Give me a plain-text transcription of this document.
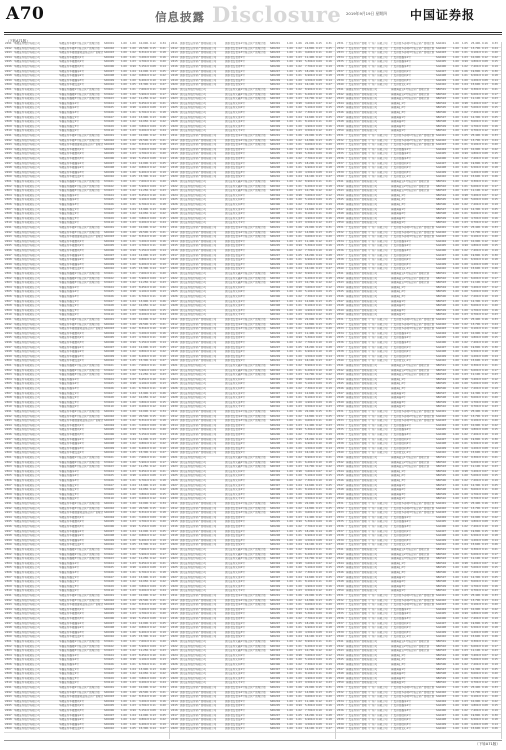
A70	信息披露 Disclosure 2019年9月19日 星期四 中国证券报
（下转A71版）
2291 华融证券股份有限公司	华融证券华融2号集合资产管理计划	SX0001	1.00	1.00	10,000 0.12	0.34
2292 华融证券股份有限公司	华融证券华融3号集合资产管理计划	SX0002	1.00	1.00	20,500 0.15	0.21
2293 华融证券股份有限公司	华融证券华融稳健收益集合资产管理计划
SX0003	1.00	1.02	8,310.0 0.10	0.18
2294 华融证券股份有限公司	华融证券华融聚利1号	SX0004	1.00	1.01	3,200.0 0.09	0.16
2295 华融证券股份有限公司	华融证券华融聚利2号	SX0005	1.00	1.03	4,700.0 0.11	0.20
2296 华融证券股份有限公司	华融证券华融聚利3号	SX0006	1.00	0.99	5,150.0 0.08	0.14
2297 华融证券股份有限公司	华融证券华融鑫享1号	SX0007	1.00	1.04	12,000 0.13	0.25
2298 华融证券股份有限公司	华融证券华融鑫享2号	SX0008	1.00	1.02	9,800.0 0.12	0.22
2299 华融证券股份有限公司	华融证券华融鑫享3号	SX0009	1.00	1.00	6,400.0 0.10	0.19
2300 华融证券股份有限公司	华融证券华融安盈1号	SX0010	1.00	1.05	15,300 0.14	0.27
2301 华鑫证券有限责任公司	华鑫证券鑫融1号集合资产管理计划	SY0101	1.00	1.01	7,600.0 0.11	0.20
2302 华鑫证券有限责任公司	华鑫证券鑫融2号集合资产管理计划	SY0102	1.00	1.00	5,900.0 0.09	0.17
2303 华鑫证券有限责任公司	华鑫证券鑫融3号集合资产管理计划	SY0103	1.00	1.02	11,250 0.12	0.23
2304 华鑫证券有限责任公司	华鑫证券鑫享1号	SY0104	1.00	1.03	8,450.0 0.10	0.21
2305 华鑫证券有限责任公司	华鑫证券鑫享2号	SY0105	1.00	0.98	4,100.0 0.08	0.13
2306 华鑫证券有限责任公司	华鑫证券鑫享3号	SY0106	1.00	1.01	6,700.0 0.11	0.18
2307 华鑫证券有限责任公司	华鑫证券鑫安1号	SY0107	1.00	1.04	13,900 0.13	0.26
2308 华鑫证券有限责任公司	华鑫证券鑫安2号	SY0108	1.00	1.02	10,050 0.12	0.22
2309 华鑫证券有限责任公司	华鑫证券鑫安3号	SY0109	1.00	1.00	3,800.0 0.09	0.15
2310 华鑫证券有限责任公司	华鑫证券鑫盈1号	SY0110	1.00	1.03	9,200.0 0.12	0.24
2291 华融证券股份有限公司	华融证券华融2号集合资产管理计划	SX0001	1.00	1.00	10,000 0.12	0.34
2292 华融证券股份有限公司	华融证券华融3号集合资产管理计划	SX0002	1.00	1.00	20,500 0.15	0.21
2293 华融证券股份有限公司	华融证券华融稳健收益集合资产管理计划
SX0003	1.00	1.02	8,310.0 0.10	0.18
2294 华融证券股份有限公司	华融证券华融聚利1号	SX0004	1.00	1.01	3,200.0 0.09	0.16
2295 华融证券股份有限公司	华融证券华融聚利2号	SX0005	1.00	1.03	4,700.0 0.11	0.20
2296 华融证券股份有限公司	华融证券华融聚利3号	SX0006	1.00	0.99	5,150.0 0.08	0.14
2297 华融证券股份有限公司	华融证券华融鑫享1号	SX0007	1.00	1.04	12,000 0.13	0.25
2298 华融证券股份有限公司	华融证券华融鑫享2号	SX0008	1.00	1.02	9,800.0 0.12	0.22
2299 华融证券股份有限公司	华融证券华融鑫享3号	SX0009	1.00	1.00	6,400.0 0.10	0.19
2300 华融证券股份有限公司	华融证券华融安盈1号	SX0010	1.00	1.05	15,300 0.14	0.27
2301 华鑫证券有限责任公司	华鑫证券鑫融1号集合资产管理计划	SY0101	1.00	1.01	7,600.0 0.11	0.20
2302 华鑫证券有限责任公司	华鑫证券鑫融2号集合资产管理计划	SY0102	1.00	1.00	5,900.0 0.09	0.17
2303 华鑫证券有限责任公司	华鑫证券鑫融3号集合资产管理计划	SY0103	1.00	1.02	11,250 0.12	0.23
2304 华鑫证券有限责任公司	华鑫证券鑫享1号	SY0104	1.00	1.03	8,450.0 0.10	0.21
2305 华鑫证券有限责任公司	华鑫证券鑫享2号	SY0105	1.00	0.98	4,100.0 0.08	0.13
2306 华鑫证券有限责任公司	华鑫证券鑫享3号	SY0106	1.00	1.01	6,700.0 0.11	0.18
2307 华鑫证券有限责任公司	华鑫证券鑫安1号	SY0107	1.00	1.04	13,900 0.13	0.26
2308 华鑫证券有限责任公司	华鑫证券鑫安2号	SY0108	1.00	1.02	10,050 0.12	0.22
2309 华鑫证券有限责任公司	华鑫证券鑫安3号	SY0109	1.00	1.00	3,800.0 0.09	0.15
2310 华鑫证券有限责任公司	华鑫证券鑫盈1号	SY0110	1.00	1.03	9,200.0 0.12	0.24
2291 华融证券股份有限公司	华融证券华融2号集合资产管理计划	SX0001	1.00	1.00	10,000 0.12	0.34
2292 华融证券股份有限公司	华融证券华融3号集合资产管理计划	SX0002	1.00	1.00	20,500 0.15	0.21
2293 华融证券股份有限公司	华融证券华融稳健收益集合资产管理计划
SX0003	1.00	1.02	8,310.0 0.10	0.18
2294 华融证券股份有限公司	华融证券华融聚利1号	SX0004	1.00	1.01	3,200.0 0.09	0.16
2295 华融证券股份有限公司	华融证券华融聚利2号	SX0005	1.00	1.03	4,700.0 0.11	0.20
2296 华融证券股份有限公司	华融证券华融聚利3号	SX0006	1.00	0.99	5,150.0 0.08	0.14
2297 华融证券股份有限公司	华融证券华融鑫享1号	SX0007	1.00	1.04	12,000 0.13	0.25
2298 华融证券股份有限公司	华融证券华融鑫享2号	SX0008	1.00	1.02	9,800.0 0.12	0.22
2299 华融证券股份有限公司	华融证券华融鑫享3号	SX0009	1.00	1.00	6,400.0 0.10	0.19
2300 华融证券股份有限公司	华融证券华融安盈1号	SX0010	1.00	1.05	15,300 0.14	0.27
2301 华鑫证券有限责任公司	华鑫证券鑫融1号集合资产管理计划	SY0101	1.00	1.01	7,600.0 0.11	0.20
2302 华鑫证券有限责任公司	华鑫证券鑫融2号集合资产管理计划	SY0102	1.00	1.00	5,900.0 0.09	0.17
2303 华鑫证券有限责任公司	华鑫证券鑫融3号集合资产管理计划	SY0103	1.00	1.02	11,250 0.12	0.23
2304 华鑫证券有限责任公司	华鑫证券鑫享1号	SY0104	1.00	1.03	8,450.0 0.10	0.21
2305 华鑫证券有限责任公司	华鑫证券鑫享2号	SY0105	1.00	0.98	4,100.0 0.08	0.13
2306 华鑫证券有限责任公司	华鑫证券鑫享3号	SY0106	1.00	1.01	6,700.0 0.11	0.18
2307 华鑫证券有限责任公司	华鑫证券鑫安1号	SY0107	1.00	1.04	13,900 0.13	0.26
2308 华鑫证券有限责任公司	华鑫证券鑫安2号	SY0108	1.00	1.02	10,050 0.12	0.22
2309 华鑫证券有限责任公司	华鑫证券鑫安3号	SY0109	1.00	1.00	3,800.0 0.09	0.15
2310 华鑫证券有限责任公司	华鑫证券鑫盈1号	SY0110	1.00	1.03	9,200.0 0.12	0.24
2291 华融证券股份有限公司	华融证券华融2号集合资产管理计划	SX0001	1.00	1.00	10,000 0.12	0.34
2292 华融证券股份有限公司	华融证券华融3号集合资产管理计划	SX0002	1.00	1.00	20,500 0.15	0.21
2293 华融证券股份有限公司	华融证券华融稳健收益集合资产管理计划
SX0003	1.00	1.02	8,310.0 0.10	0.18
2294 华融证券股份有限公司	华融证券华融聚利1号	SX0004	1.00	1.01	3,200.0 0.09	0.16
2295 华融证券股份有限公司	华融证券华融聚利2号	SX0005	1.00	1.03	4,700.0 0.11	0.20
2296 华融证券股份有限公司	华融证券华融聚利3号	SX0006	1.00	0.99	5,150.0 0.08	0.14
2297 华融证券股份有限公司	华融证券华融鑫享1号	SX0007	1.00	1.04	12,000 0.13	0.25
2298 华融证券股份有限公司	华融证券华融鑫享2号	SX0008	1.00	1.02	9,800.0 0.12	0.22
2299 华融证券股份有限公司	华融证券华融鑫享3号	SX0009	1.00	1.00	6,400.0 0.10	0.19
2300 华融证券股份有限公司	华融证券华融安盈1号	SX0010	1.00	1.05	15,300 0.14	0.27
2301 华鑫证券有限责任公司	华鑫证券鑫融1号集合资产管理计划	SY0101	1.00	1.01	7,600.0 0.11	0.20
2302 华鑫证券有限责任公司	华鑫证券鑫融2号集合资产管理计划	SY0102	1.00	1.00	5,900.0 0.09	0.17
2303 华鑫证券有限责任公司	华鑫证券鑫融3号集合资产管理计划	SY0103	1.00	1.02	11,250 0.12	0.23
2304 华鑫证券有限责任公司	华鑫证券鑫享1号	SY0104	1.00	1.03	8,450.0 0.10	0.21
2305 华鑫证券有限责任公司	华鑫证券鑫享2号	SY0105	1.00	0.98	4,100.0 0.08	0.13
2306 华鑫证券有限责任公司	华鑫证券鑫享3号	SY0106	1.00	1.01	6,700.0 0.11	0.18
2307 华鑫证券有限责任公司	华鑫证券鑫安1号	SY0107	1.00	1.04	13,900 0.13	0.26
2308 华鑫证券有限责任公司	华鑫证券鑫安2号	SY0108	1.00	1.02	10,050 0.12	0.22
2309 华鑫证券有限责任公司	华鑫证券鑫安3号	SY0109	1.00	1.00	3,800.0 0.09	0.15
2310 华鑫证券有限责任公司	华鑫证券鑫盈1号	SY0110	1.00	1.03	9,200.0 0.12	0.24
2291 华融证券股份有限公司	华融证券华融2号集合资产管理计划	SX0001	1.00	1.00	10,000 0.12	0.34
2292 华融证券股份有限公司	华融证券华融3号集合资产管理计划	SX0002	1.00	1.00	20,500 0.15	0.21
2293 华融证券股份有限公司	华融证券华融稳健收益集合资产管理计划
SX0003	1.00	1.02	8,310.0 0.10	0.18
2294 华融证券股份有限公司	华融证券华融聚利1号	SX0004	1.00	1.01	3,200.0 0.09	0.16
2295 华融证券股份有限公司	华融证券华融聚利2号	SX0005	1.00	1.03	4,700.0 0.11	0.20
2296 华融证券股份有限公司	华融证券华融聚利3号	SX0006	1.00	0.99	5,150.0 0.08	0.14
2297 华融证券股份有限公司	华融证券华融鑫享1号	SX0007	1.00	1.04	12,000 0.13	0.25
2298 华融证券股份有限公司	华融证券华融鑫享2号	SX0008	1.00	1.02	9,800.0 0.12	0.22
2299 华融证券股份有限公司	华融证券华融鑫享3号	SX0009	1.00	1.00	6,400.0 0.10	0.19
2300 华融证券股份有限公司	华融证券华融安盈1号	SX0010	1.00	1.05	15,300 0.14	0.27
2301 华鑫证券有限责任公司	华鑫证券鑫融1号集合资产管理计划	SY0101	1.00	1.01	7,600.0 0.11	0.20
2302 华鑫证券有限责任公司	华鑫证券鑫融2号集合资产管理计划	SY0102	1.00	1.00	5,900.0 0.09	0.17
2303 华鑫证券有限责任公司	华鑫证券鑫融3号集合资产管理计划	SY0103	1.00	1.02	11,250 0.12	0.23
2304 华鑫证券有限责任公司	华鑫证券鑫享1号	SY0104	1.00	1.03	8,450.0 0.10	0.21
2305 华鑫证券有限责任公司	华鑫证券鑫享2号	SY0105	1.00	0.98	4,100.0 0.08	0.13
2306 华鑫证券有限责任公司	华鑫证券鑫享3号	SY0106	1.00	1.01	6,700.0 0.11	0.18
2307 华鑫证券有限责任公司	华鑫证券鑫安1号	SY0107	1.00	1.04	13,900 0.13	0.26
2308 华鑫证券有限责任公司	华鑫证券鑫安2号	SY0108	1.00	1.02	10,050 0.12	0.22
2309 华鑫证券有限责任公司	华鑫证券鑫安3号	SY0109	1.00	1.00	3,800.0 0.09	0.15
2310 华鑫证券有限责任公司	华鑫证券鑫盈1号	SY0110	1.00	1.03	9,200.0 0.12	0.24
2291 华融证券股份有限公司	华融证券华融2号集合资产管理计划	SX0001	1.00	1.00	10,000 0.12	0.34
2292 华融证券股份有限公司	华融证券华融3号集合资产管理计划	SX0002	1.00	1.00	20,500 0.15	0.21
2293 华融证券股份有限公司	华融证券华融稳健收益集合资产管理计划
SX0003	1.00	1.02	8,310.0 0.10	0.18
2294 华融证券股份有限公司	华融证券华融聚利1号	SX0004	1.00	1.01	3,200.0 0.09	0.16
2295 华融证券股份有限公司	华融证券华融聚利2号	SX0005	1.00	1.03	4,700.0 0.11	0.20
2296 华融证券股份有限公司	华融证券华融聚利3号	SX0006	1.00	0.99	5,150.0 0.08	0.14
2297 华融证券股份有限公司	华融证券华融鑫享1号	SX0007	1.00	1.04	12,000 0.13	0.25
2298 华融证券股份有限公司	华融证券华融鑫享2号	SX0008	1.00	1.02	9,800.0 0.12	0.22
2299 华融证券股份有限公司	华融证券华融鑫享3号	SX0009	1.00	1.00	6,400.0 0.10	0.19
2300 华融证券股份有限公司	华融证券华融安盈1号	SX0010	1.00	1.05	15,300 0.14	0.27
2301 华鑫证券有限责任公司	华鑫证券鑫融1号集合资产管理计划	SY0101	1.00	1.01	7,600.0 0.11	0.20
2302 华鑫证券有限责任公司	华鑫证券鑫融2号集合资产管理计划	SY0102	1.00	1.00	5,900.0 0.09	0.17
2303 华鑫证券有限责任公司	华鑫证券鑫融3号集合资产管理计划	SY0103	1.00	1.02	11,250 0.12	0.23
2304 华鑫证券有限责任公司	华鑫证券鑫享1号	SY0104	1.00	1.03	8,450.0 0.10	0.21
2305 华鑫证券有限责任公司	华鑫证券鑫享2号	SY0105	1.00	0.98	4,100.0 0.08	0.13
2306 华鑫证券有限责任公司	华鑫证券鑫享3号	SY0106	1.00	1.01	6,700.0 0.11	0.18
2307 华鑫证券有限责任公司	华鑫证券鑫安1号	SY0107	1.00	1.04	13,900 0.13	0.26
2308 华鑫证券有限责任公司	华鑫证券鑫安2号	SY0108	1.00	1.02	10,050 0.12	0.22
2309 华鑫证券有限责任公司	华鑫证券鑫安3号	SY0109	1.00	1.00	3,800.0 0.09	0.15
2310 华鑫证券有限责任公司	华鑫证券鑫盈1号	SY0110	1.00	1.03	9,200.0 0.12	0.24
2291 华融证券股份有限公司	华融证券华融2号集合资产管理计划	SX0001	1.00	1.00	10,000 0.12	0.34
2292 华融证券股份有限公司	华融证券华融3号集合资产管理计划	SX0002	1.00	1.00	20,500 0.15	0.21
2293 华融证券股份有限公司	华融证券华融稳健收益集合资产管理计划
SX0003	1.00	1.02	8,310.0 0.10	0.18
2294 华融证券股份有限公司	华融证券华融聚利1号	SX0004	1.00	1.01	3,200.0 0.09	0.16
2295 华融证券股份有限公司	华融证券华融聚利2号	SX0005	1.00	1.03	4,700.0 0.11	0.20
2296 华融证券股份有限公司	华融证券华融聚利3号	SX0006	1.00	0.99	5,150.0 0.08	0.14
2297 华融证券股份有限公司	华融证券华融鑫享1号	SX0007	1.00	1.04	12,000 0.13	0.25
2298 华融证券股份有限公司	华融证券华融鑫享2号	SX0008	1.00	1.02	9,800.0 0.12	0.22
2299 华融证券股份有限公司	华融证券华融鑫享3号	SX0009	1.00	1.00	6,400.0 0.10	0.19
2300 华融证券股份有限公司	华融证券华融安盈1号	SX0010	1.00	1.05	15,300 0.14	0.27
2301 华鑫证券有限责任公司	华鑫证券鑫融1号集合资产管理计划	SY0101	1.00	1.01	7,600.0 0.11	0.20
2302 华鑫证券有限责任公司	华鑫证券鑫融2号集合资产管理计划	SY0102	1.00	1.00	5,900.0 0.09	0.17
2303 华鑫证券有限责任公司	华鑫证券鑫融3号集合资产管理计划	SY0103	1.00	1.02	11,250 0.12	0.23
2304 华鑫证券有限责任公司	华鑫证券鑫享1号	SY0104	1.00	1.03	8,450.0 0.10	0.21
2305 华鑫证券有限责任公司	华鑫证券鑫享2号	SY0105	1.00	0.98	4,100.0 0.08	0.13
2306 华鑫证券有限责任公司	华鑫证券鑫享3号	SY0106	1.00	1.01	6,700.0 0.11	0.18
2307 华鑫证券有限责任公司	华鑫证券鑫安1号	SY0107	1.00	1.04	13,900 0.13	0.26
2308 华鑫证券有限责任公司	华鑫证券鑫安2号	SY0108	1.00	1.02	10,050 0.12	0.22
2309 华鑫证券有限责任公司	华鑫证券鑫安3号	SY0109	1.00	1.00	3,800.0 0.09	0.15
2310 华鑫证券有限责任公司	华鑫证券鑫盈1号	SY0110	1.00	1.03	9,200.0 0.12	0.24
2291 华融证券股份有限公司	华融证券华融2号集合资产管理计划	SX0001	1.00	1.00	10,000 0.12	0.34
2292 华融证券股份有限公司	华融证券华融3号集合资产管理计划	SX0002	1.00	1.00	20,500 0.15	0.21
2293 华融证券股份有限公司	华融证券华融稳健收益集合资产管理计划
SX0003	1.00	1.02	8,310.0 0.10	0.18
2294 华融证券股份有限公司	华融证券华融聚利1号	SX0004	1.00	1.01	3,200.0 0.09	0.16
2295 华融证券股份有限公司	华融证券华融聚利2号	SX0005	1.00	1.03	4,700.0 0.11	0.20
2296 华融证券股份有限公司	华融证券华融聚利3号	SX0006	1.00	0.99	5,150.0 0.08	0.14
2297 华融证券股份有限公司	华融证券华融鑫享1号	SX0007	1.00	1.04	12,000 0.13	0.25
2298 华融证券股份有限公司	华融证券华融鑫享2号	SX0008	1.00	1.02	9,800.0 0.12	0.22
2299 华融证券股份有限公司	华融证券华融鑫享3号	SX0009	1.00	1.00	6,400.0 0.10	0.19
2300 华融证券股份有限公司	华融证券华融安盈1号	SX0010	1.00	1.05	15,300 0.14	0.27
2411 国泰君安证券资产管理有限公司	国泰君安君享1号集合资产管理计划	SZ0201	1.00	1.06	22,000 0.15	0.31
2412 国泰君安证券资产管理有限公司	国泰君安君享2号集合资产管理计划	SZ0202	1.00	1.02	14,800 0.13	0.25
2413 国泰君安证券资产管理有限公司	国泰君安君享3号集合资产管理计划	SZ0203	1.00	1.01	9,600.0 0.11	0.20
2414 国泰君安证券资产管理有限公司	国泰君安君得1号	SZ0204	1.00	1.03	11,400 0.12	0.23
2415 国泰君安证券资产管理有限公司	国泰君安君得2号	SZ0205	1.00	0.99	5,300.0 0.09	0.16
2416 国泰君安证券资产管理有限公司	国泰君安君得3号	SZ0206	1.00	1.02	7,700.0 0.10	0.19
2417 国泰君安证券资产管理有限公司	国泰君安君益1号	SZ0207	1.00	1.05	18,200 0.14	0.28
2418 国泰君安证券资产管理有限公司	国泰君安君益2号	SZ0208	1.00	1.01	6,900.0 0.10	0.18
2419 国泰君安证券资产管理有限公司	国泰君安君益3号	SZ0209	1.00	1.00	4,500.0 0.08	0.14
2420 国泰君安证券资产管理有限公司	国泰君安君悦1号	SZ0210	1.00	1.04	16,100 0.13	0.27
2421 国元证券股份有限公司	国元证券元赢1号集合资产管理计划	SZ0301	1.00	1.02	8,900.0 0.11	0.21
2422 国元证券股份有限公司	国元证券元赢2号集合资产管理计划	SZ0302	1.00	1.01	6,200.0 0.10	0.18
2423 国元证券股份有限公司	国元证券元赢3号集合资产管理计划	SZ0303	1.00	1.03	10,700 0.12	0.22
2424 国元证券股份有限公司	国元证券元和1号	SZ0304	1.00	0.98	3,600.0 0.07	0.12
2425 国元证券股份有限公司	国元证券元和2号	SZ0305	1.00	1.00	5,100.0 0.09	0.15
2426 国元证券股份有限公司	国元证券元和3号	SZ0306	1.00	1.02	7,300.0 0.10	0.19
2427 国元证券股份有限公司	国元证券元泰1号	SZ0307	1.00	1.04	12,600 0.13	0.25
2428 国元证券股份有限公司	国元证券元泰2号	SZ0308	1.00	1.01	8,100.0 0.11	0.20
2429 国元证券股份有限公司	国元证券元泰3号	SZ0309	1.00	1.00	4,900.0 0.09	0.16
2430 国元证券股份有限公司	国元证券元丰1号	SZ0310	1.00	1.03	9,500.0 0.12	0.23
2411 国泰君安证券资产管理有限公司	国泰君安君享1号集合资产管理计划	SZ0201	1.00	1.06	22,000 0.15	0.31
2412 国泰君安证券资产管理有限公司	国泰君安君享2号集合资产管理计划	SZ0202	1.00	1.02	14,800 0.13	0.25
2413 国泰君安证券资产管理有限公司	国泰君安君享3号集合资产管理计划	SZ0203	1.00	1.01	9,600.0 0.11	0.20
2414 国泰君安证券资产管理有限公司	国泰君安君得1号	SZ0204	1.00	1.03	11,400 0.12	0.23
2415 国泰君安证券资产管理有限公司	国泰君安君得2号	SZ0205	1.00	0.99	5,300.0 0.09	0.16
2416 国泰君安证券资产管理有限公司	国泰君安君得3号	SZ0206	1.00	1.02	7,700.0 0.10	0.19
2417 国泰君安证券资产管理有限公司	国泰君安君益1号	SZ0207	1.00	1.05	18,200 0.14	0.28
2418 国泰君安证券资产管理有限公司	国泰君安君益2号	SZ0208	1.00	1.01	6,900.0 0.10	0.18
2419 国泰君安证券资产管理有限公司	国泰君安君益3号	SZ0209	1.00	1.00	4,500.0 0.08	0.14
2420 国泰君安证券资产管理有限公司	国泰君安君悦1号	SZ0210	1.00	1.04	16,100 0.13	0.27
2421 国元证券股份有限公司	国元证券元赢1号集合资产管理计划	SZ0301	1.00	1.02	8,900.0 0.11	0.21
2422 国元证券股份有限公司	国元证券元赢2号集合资产管理计划	SZ0302	1.00	1.01	6,200.0 0.10	0.18
2423 国元证券股份有限公司	国元证券元赢3号集合资产管理计划	SZ0303	1.00	1.03	10,700 0.12	0.22
2424 国元证券股份有限公司	国元证券元和1号	SZ0304	1.00	0.98	3,600.0 0.07	0.12
2425 国元证券股份有限公司	国元证券元和2号	SZ0305	1.00	1.00	5,100.0 0.09	0.15
2426 国元证券股份有限公司	国元证券元和3号	SZ0306	1.00	1.02	7,300.0 0.10	0.19
2427 国元证券股份有限公司	国元证券元泰1号	SZ0307	1.00	1.04	12,600 0.13	0.25
2428 国元证券股份有限公司	国元证券元泰2号	SZ0308	1.00	1.01	8,100.0 0.11	0.20
2429 国元证券股份有限公司	国元证券元泰3号	SZ0309	1.00	1.00	4,900.0 0.09	0.16
2430 国元证券股份有限公司	国元证券元丰1号	SZ0310	1.00	1.03	9,500.0 0.12	0.23
2411 国泰君安证券资产管理有限公司	国泰君安君享1号集合资产管理计划	SZ0201	1.00	1.06	22,000 0.15	0.31
2412 国泰君安证券资产管理有限公司	国泰君安君享2号集合资产管理计划	SZ0202	1.00	1.02	14,800 0.13	0.25
2413 国泰君安证券资产管理有限公司	国泰君安君享3号集合资产管理计划	SZ0203	1.00	1.01	9,600.0 0.11	0.20
2414 国泰君安证券资产管理有限公司	国泰君安君得1号	SZ0204	1.00	1.03	11,400 0.12	0.23
2415 国泰君安证券资产管理有限公司	国泰君安君得2号	SZ0205	1.00	0.99	5,300.0 0.09	0.16
2416 国泰君安证券资产管理有限公司	国泰君安君得3号	SZ0206	1.00	1.02	7,700.0 0.10	0.19
2417 国泰君安证券资产管理有限公司	国泰君安君益1号	SZ0207	1.00	1.05	18,200 0.14	0.28
2418 国泰君安证券资产管理有限公司	国泰君安君益2号	SZ0208	1.00	1.01	6,900.0 0.10	0.18
2419 国泰君安证券资产管理有限公司	国泰君安君益3号	SZ0209	1.00	1.00	4,500.0 0.08	0.14
2420 国泰君安证券资产管理有限公司	国泰君安君悦1号	SZ0210	1.00	1.04	16,100 0.13	0.27
2421 国元证券股份有限公司	国元证券元赢1号集合资产管理计划	SZ0301	1.00	1.02	8,900.0 0.11	0.21
2422 国元证券股份有限公司	国元证券元赢2号集合资产管理计划	SZ0302	1.00	1.01	6,200.0 0.10	0.18
2423 国元证券股份有限公司	国元证券元赢3号集合资产管理计划	SZ0303	1.00	1.03	10,700 0.12	0.22
2424 国元证券股份有限公司	国元证券元和1号	SZ0304	1.00	0.98	3,600.0 0.07	0.12
2425 国元证券股份有限公司	国元证券元和2号	SZ0305	1.00	1.00	5,100.0 0.09	0.15
2426 国元证券股份有限公司	国元证券元和3号	SZ0306	1.00	1.02	7,300.0 0.10	0.19
2427 国元证券股份有限公司	国元证券元泰1号	SZ0307	1.00	1.04	12,600 0.13	0.25
2428 国元证券股份有限公司	国元证券元泰2号	SZ0308	1.00	1.01	8,100.0 0.11	0.20
2429 国元证券股份有限公司	国元证券元泰3号	SZ0309	1.00	1.00	4,900.0 0.09	0.16
2430 国元证券股份有限公司	国元证券元丰1号	SZ0310	1.00	1.03	9,500.0 0.12	0.23
2411 国泰君安证券资产管理有限公司	国泰君安君享1号集合资产管理计划	SZ0201	1.00	1.06	22,000 0.15	0.31
2412 国泰君安证券资产管理有限公司	国泰君安君享2号集合资产管理计划	SZ0202	1.00	1.02	14,800 0.13	0.25
2413 国泰君安证券资产管理有限公司	国泰君安君享3号集合资产管理计划	SZ0203	1.00	1.01	9,600.0 0.11	0.20
2414 国泰君安证券资产管理有限公司	国泰君安君得1号	SZ0204	1.00	1.03	11,400 0.12	0.23
2415 国泰君安证券资产管理有限公司	国泰君安君得2号	SZ0205	1.00	0.99	5,300.0 0.09	0.16
2416 国泰君安证券资产管理有限公司	国泰君安君得3号	SZ0206	1.00	1.02	7,700.0 0.10	0.19
2417 国泰君安证券资产管理有限公司	国泰君安君益1号	SZ0207	1.00	1.05	18,200 0.14	0.28
2418 国泰君安证券资产管理有限公司	国泰君安君益2号	SZ0208	1.00	1.01	6,900.0 0.10	0.18
2419 国泰君安证券资产管理有限公司	国泰君安君益3号	SZ0209	1.00	1.00	4,500.0 0.08	0.14
2420 国泰君安证券资产管理有限公司	国泰君安君悦1号	SZ0210	1.00	1.04	16,100 0.13	0.27
2421 国元证券股份有限公司	国元证券元赢1号集合资产管理计划	SZ0301	1.00	1.02	8,900.0 0.11	0.21
2422 国元证券股份有限公司	国元证券元赢2号集合资产管理计划	SZ0302	1.00	1.01	6,200.0 0.10	0.18
2423 国元证券股份有限公司	国元证券元赢3号集合资产管理计划	SZ0303	1.00	1.03	10,700 0.12	0.22
2424 国元证券股份有限公司	国元证券元和1号	SZ0304	1.00	0.98	3,600.0 0.07	0.12
2425 国元证券股份有限公司	国元证券元和2号	SZ0305	1.00	1.00	5,100.0 0.09	0.15
2426 国元证券股份有限公司	国元证券元和3号	SZ0306	1.00	1.02	7,300.0 0.10	0.19
2427 国元证券股份有限公司	国元证券元泰1号	SZ0307	1.00	1.04	12,600 0.13	0.25
2428 国元证券股份有限公司	国元证券元泰2号	SZ0308	1.00	1.01	8,100.0 0.11	0.20
2429 国元证券股份有限公司	国元证券元泰3号	SZ0309	1.00	1.00	4,900.0 0.09	0.16
2430 国元证券股份有限公司	国元证券元丰1号	SZ0310	1.00	1.03	9,500.0 0.12	0.23
2411 国泰君安证券资产管理有限公司	国泰君安君享1号集合资产管理计划	SZ0201	1.00	1.06	22,000 0.15	0.31
2412 国泰君安证券资产管理有限公司	国泰君安君享2号集合资产管理计划	SZ0202	1.00	1.02	14,800 0.13	0.25
2413 国泰君安证券资产管理有限公司	国泰君安君享3号集合资产管理计划	SZ0203	1.00	1.01	9,600.0 0.11	0.20
2414 国泰君安证券资产管理有限公司	国泰君安君得1号	SZ0204	1.00	1.03	11,400 0.12	0.23
2415 国泰君安证券资产管理有限公司	国泰君安君得2号	SZ0205	1.00	0.99	5,300.0 0.09	0.16
2416 国泰君安证券资产管理有限公司	国泰君安君得3号	SZ0206	1.00	1.02	7,700.0 0.10	0.19
2417 国泰君安证券资产管理有限公司	国泰君安君益1号	SZ0207	1.00	1.05	18,200 0.14	0.28
2418 国泰君安证券资产管理有限公司	国泰君安君益2号	SZ0208	1.00	1.01	6,900.0 0.10	0.18
2419 国泰君安证券资产管理有限公司	国泰君安君益3号	SZ0209	1.00	1.00	4,500.0 0.08	0.14
2420 国泰君安证券资产管理有限公司	国泰君安君悦1号	SZ0210	1.00	1.04	16,100 0.13	0.27
2421 国元证券股份有限公司	国元证券元赢1号集合资产管理计划	SZ0301	1.00	1.02	8,900.0 0.11	0.21
2422 国元证券股份有限公司	国元证券元赢2号集合资产管理计划	SZ0302	1.00	1.01	6,200.0 0.10	0.18
2423 国元证券股份有限公司	国元证券元赢3号集合资产管理计划	SZ0303	1.00	1.03	10,700 0.12	0.22
2424 国元证券股份有限公司	国元证券元和1号	SZ0304	1.00	0.98	3,600.0 0.07	0.12
2425 国元证券股份有限公司	国元证券元和2号	SZ0305	1.00	1.00	5,100.0 0.09	0.15
2426 国元证券股份有限公司	国元证券元和3号	SZ0306	1.00	1.02	7,300.0 0.10	0.19
2427 国元证券股份有限公司	国元证券元泰1号	SZ0307	1.00	1.04	12,600 0.13	0.25
2428 国元证券股份有限公司	国元证券元泰2号	SZ0308	1.00	1.01	8,100.0 0.11	0.20
2429 国元证券股份有限公司	国元证券元泰3号	SZ0309	1.00	1.00	4,900.0 0.09	0.16
2430 国元证券股份有限公司	国元证券元丰1号	SZ0310	1.00	1.03	9,500.0 0.12	0.23
2411 国泰君安证券资产管理有限公司	国泰君安君享1号集合资产管理计划	SZ0201	1.00	1.06	22,000 0.15	0.31
2412 国泰君安证券资产管理有限公司	国泰君安君享2号集合资产管理计划	SZ0202	1.00	1.02	14,800 0.13	0.25
2413 国泰君安证券资产管理有限公司	国泰君安君享3号集合资产管理计划	SZ0203	1.00	1.01	9,600.0 0.11	0.20
2414 国泰君安证券资产管理有限公司	国泰君安君得1号	SZ0204	1.00	1.03	11,400 0.12	0.23
2415 国泰君安证券资产管理有限公司	国泰君安君得2号	SZ0205	1.00	0.99	5,300.0 0.09	0.16
2416 国泰君安证券资产管理有限公司	国泰君安君得3号	SZ0206	1.00	1.02	7,700.0 0.10	0.19
2417 国泰君安证券资产管理有限公司	国泰君安君益1号	SZ0207	1.00	1.05	18,200 0.14	0.28
2418 国泰君安证券资产管理有限公司	国泰君安君益2号	SZ0208	1.00	1.01	6,900.0 0.10	0.18
2419 国泰君安证券资产管理有限公司	国泰君安君益3号	SZ0209	1.00	1.00	4,500.0 0.08	0.14
2420 国泰君安证券资产管理有限公司	国泰君安君悦1号	SZ0210	1.00	1.04	16,100 0.13	0.27
2421 国元证券股份有限公司	国元证券元赢1号集合资产管理计划	SZ0301	1.00	1.02	8,900.0 0.11	0.21
2422 国元证券股份有限公司	国元证券元赢2号集合资产管理计划	SZ0302	1.00	1.01	6,200.0 0.10	0.18
2423 国元证券股份有限公司	国元证券元赢3号集合资产管理计划	SZ0303	1.00	1.03	10,700 0.12	0.22
2424 国元证券股份有限公司	国元证券元和1号	SZ0304	1.00	0.98	3,600.0 0.07	0.12
2425 国元证券股份有限公司	国元证券元和2号	SZ0305	1.00	1.00	5,100.0 0.09	0.15
2426 国元证券股份有限公司	国元证券元和3号	SZ0306	1.00	1.02	7,300.0 0.10	0.19
2427 国元证券股份有限公司	国元证券元泰1号	SZ0307	1.00	1.04	12,600 0.13	0.25
2428 国元证券股份有限公司	国元证券元泰2号	SZ0308	1.00	1.01	8,100.0 0.11	0.20
2429 国元证券股份有限公司	国元证券元泰3号	SZ0309	1.00	1.00	4,900.0 0.09	0.16
2430 国元证券股份有限公司	国元证券元丰1号	SZ0310	1.00	1.03	9,500.0 0.12	0.23
2411 国泰君安证券资产管理有限公司	国泰君安君享1号集合资产管理计划	SZ0201	1.00	1.06	22,000 0.15	0.31
2412 国泰君安证券资产管理有限公司	国泰君安君享2号集合资产管理计划	SZ0202	1.00	1.02	14,800 0.13	0.25
2413 国泰君安证券资产管理有限公司	国泰君安君享3号集合资产管理计划	SZ0203	1.00	1.01	9,600.0 0.11	0.20
2414 国泰君安证券资产管理有限公司	国泰君安君得1号	SZ0204	1.00	1.03	11,400 0.12	0.23
2415 国泰君安证券资产管理有限公司	国泰君安君得2号	SZ0205	1.00	0.99	5,300.0 0.09	0.16
2416 国泰君安证券资产管理有限公司	国泰君安君得3号	SZ0206	1.00	1.02	7,700.0 0.10	0.19
2417 国泰君安证券资产管理有限公司	国泰君安君益1号	SZ0207	1.00	1.05	18,200 0.14	0.28
2418 国泰君安证券资产管理有限公司	国泰君安君益2号	SZ0208	1.00	1.01	6,900.0 0.10	0.18
2419 国泰君安证券资产管理有限公司	国泰君安君益3号	SZ0209	1.00	1.00	4,500.0 0.08	0.14
2420 国泰君安证券资产管理有限公司	国泰君安君悦1号	SZ0210	1.00	1.04	16,100 0.13	0.27
2421 国元证券股份有限公司	国元证券元赢1号集合资产管理计划	SZ0301	1.00	1.02	8,900.0 0.11	0.21
2422 国元证券股份有限公司	国元证券元赢2号集合资产管理计划	SZ0302	1.00	1.01	6,200.0 0.10	0.18
2423 国元证券股份有限公司	国元证券元赢3号集合资产管理计划	SZ0303	1.00	1.03	10,700 0.12	0.22
2424 国元证券股份有限公司	国元证券元和1号	SZ0304	1.00	0.98	3,600.0 0.07	0.12
2425 国元证券股份有限公司	国元证券元和2号	SZ0305	1.00	1.00	5,100.0 0.09	0.15
2426 国元证券股份有限公司	国元证券元和3号	SZ0306	1.00	1.02	7,300.0 0.10	0.19
2427 国元证券股份有限公司	国元证券元泰1号	SZ0307	1.00	1.04	12,600 0.13	0.25
2428 国元证券股份有限公司	国元证券元泰2号	SZ0308	1.00	1.01	8,100.0 0.11	0.20
2429 国元证券股份有限公司	国元证券元泰3号	SZ0309	1.00	1.00	4,900.0 0.09	0.16
2430 国元证券股份有限公司	国元证券元丰1号	SZ0310	1.00	1.03	9,500.0 0.12	0.23
2411 国泰君安证券资产管理有限公司	国泰君安君享1号集合资产管理计划	SZ0201	1.00	1.06	22,000 0.15	0.31
2412 国泰君安证券资产管理有限公司	国泰君安君享2号集合资产管理计划	SZ0202	1.00	1.02	14,800 0.13	0.25
2413 国泰君安证券资产管理有限公司	国泰君安君享3号集合资产管理计划	SZ0203	1.00	1.01	9,600.0 0.11	0.20
2414 国泰君安证券资产管理有限公司	国泰君安君得1号	SZ0204	1.00	1.03	11,400 0.12	0.23
2415 国泰君安证券资产管理有限公司	国泰君安君得2号	SZ0205	1.00	0.99	5,300.0 0.09	0.16
2416 国泰君安证券资产管理有限公司	国泰君安君得3号	SZ0206	1.00	1.02	7,700.0 0.10	0.19
2417 国泰君安证券资产管理有限公司	国泰君安君益1号	SZ0207	1.00	1.05	18,200 0.14	0.28
2418 国泰君安证券资产管理有限公司	国泰君安君益2号	SZ0208	1.00	1.01	6,900.0 0.10	0.18
2419 国泰君安证券资产管理有限公司	国泰君安君益3号	SZ0209	1.00	1.00	4,500.0 0.08	0.14
2420 国泰君安证券资产管理有限公司	国泰君安君悦1号	SZ0210	1.00	1.04	16,100 0.13	0.27
2531 广发证券资产管理（广东）有限公司	广发资管多添利1号集合资产管理计划 SA0401	1.00	1.05	25,400 0.16	0.33
2532 广发证券资产管理（广东）有限公司	广发资管多添利2号集合资产管理计划 SA0402	1.00	1.02	13,700 0.13	0.24
2533 广发证券资产管理（广东）有限公司	广发资管多添利3号集合资产管理计划 SA0403	1.00	1.01	9,100.0 0.11	0.20
2534 广发证券资产管理（广东）有限公司	广发资管鑫享1号	SA0404	1.00	1.03	10,900 0.12	0.22
2535 广发证券资产管理（广东）有限公司	广发资管鑫享2号	SA0405	1.00	0.99	4,800.0 0.08	0.15
2536 广发证券资产管理（广东）有限公司	广发资管鑫享3号	SA0406	1.00	1.02	7,400.0 0.10	0.19
2537 广发证券资产管理（广东）有限公司	广发资管稳利1号	SA0407	1.00	1.06	19,800 0.15	0.30
2538 广发证券资产管理（广东）有限公司	广发资管稳利2号	SA0408	1.00	1.01	6,500.0 0.10	0.18
2539 广发证券资产管理（广东）有限公司	广发资管稳利3号	SA0409	1.00	1.00	4,200.0 0.08	0.14
2540 广发证券资产管理（广东）有限公司	广发资管安心1号	SA0410	1.00	1.04	15,600 0.13	0.26
2541 海通证券资产管理有限公司	海通海蓝宝1号集合资产管理计划	SB0501	1.00	1.02	9,300.0 0.11	0.21
2542 海通证券资产管理有限公司	海通海蓝宝2号集合资产管理计划	SB0502	1.00	1.01	6,000.0 0.10	0.17
2543 海通证券资产管理有限公司	海通海蓝宝3号集合资产管理计划	SB0503	1.00	1.03	11,100 0.12	0.23
2544 海通证券资产管理有限公司	海通海汇1号	SB0504	1.00	0.98	3,400.0 0.07	0.12
2545 海通证券资产管理有限公司	海通海汇2号	SB0505	1.00	1.00	5,000.0 0.09	0.15
2546 海通证券资产管理有限公司	海通海汇3号	SB0506	1.00	1.02	7,200.0 0.10	0.19
2547 海通证券资产管理有限公司	海通海富1号	SB0507	1.00	1.04	12,300 0.13	0.25
2548 海通证券资产管理有限公司	海通海富2号	SB0508	1.00	1.01	8,000.0 0.11	0.20
2549 海通证券资产管理有限公司	海通海富3号	SB0509	1.00	1.00	4,700.0 0.09	0.16
2550 海通证券资产管理有限公司	海通海盈1号	SB0510	1.00	1.03	9,700.0 0.12	0.23
2531 广发证券资产管理（广东）有限公司	广发资管多添利1号集合资产管理计划 SA0401	1.00	1.05	25,400 0.16	0.33
2532 广发证券资产管理（广东）有限公司	广发资管多添利2号集合资产管理计划 SA0402	1.00	1.02	13,700 0.13	0.24
2533 广发证券资产管理（广东）有限公司	广发资管多添利3号集合资产管理计划 SA0403	1.00	1.01	9,100.0 0.11	0.20
2534 广发证券资产管理（广东）有限公司	广发资管鑫享1号	SA0404	1.00	1.03	10,900 0.12	0.22
2535 广发证券资产管理（广东）有限公司	广发资管鑫享2号	SA0405	1.00	0.99	4,800.0 0.08	0.15
2536 广发证券资产管理（广东）有限公司	广发资管鑫享3号	SA0406	1.00	1.02	7,400.0 0.10	0.19
2537 广发证券资产管理（广东）有限公司	广发资管稳利1号	SA0407	1.00	1.06	19,800 0.15	0.30
2538 广发证券资产管理（广东）有限公司	广发资管稳利2号	SA0408	1.00	1.01	6,500.0 0.10	0.18
2539 广发证券资产管理（广东）有限公司	广发资管稳利3号	SA0409	1.00	1.00	4,200.0 0.08	0.14
2540 广发证券资产管理（广东）有限公司	广发资管安心1号	SA0410	1.00	1.04	15,600 0.13	0.26
2541 海通证券资产管理有限公司	海通海蓝宝1号集合资产管理计划	SB0501	1.00	1.02	9,300.0 0.11	0.21
2542 海通证券资产管理有限公司	海通海蓝宝2号集合资产管理计划	SB0502	1.00	1.01	6,000.0 0.10	0.17
2543 海通证券资产管理有限公司	海通海蓝宝3号集合资产管理计划	SB0503	1.00	1.03	11,100 0.12	0.23
2544 海通证券资产管理有限公司	海通海汇1号	SB0504	1.00	0.98	3,400.0 0.07	0.12
2545 海通证券资产管理有限公司	海通海汇2号	SB0505	1.00	1.00	5,000.0 0.09	0.15
2546 海通证券资产管理有限公司	海通海汇3号	SB0506	1.00	1.02	7,200.0 0.10	0.19
2547 海通证券资产管理有限公司	海通海富1号	SB0507	1.00	1.04	12,300 0.13	0.25
2548 海通证券资产管理有限公司	海通海富2号	SB0508	1.00	1.01	8,000.0 0.11	0.20
2549 海通证券资产管理有限公司	海通海富3号	SB0509	1.00	1.00	4,700.0 0.09	0.16
2550 海通证券资产管理有限公司	海通海盈1号	SB0510	1.00	1.03	9,700.0 0.12	0.23
2531 广发证券资产管理（广东）有限公司	广发资管多添利1号集合资产管理计划 SA0401	1.00	1.05	25,400 0.16	0.33
2532 广发证券资产管理（广东）有限公司	广发资管多添利2号集合资产管理计划 SA0402	1.00	1.02	13,700 0.13	0.24
2533 广发证券资产管理（广东）有限公司	广发资管多添利3号集合资产管理计划 SA0403	1.00	1.01	9,100.0 0.11	0.20
2534 广发证券资产管理（广东）有限公司	广发资管鑫享1号	SA0404	1.00	1.03	10,900 0.12	0.22
2535 广发证券资产管理（广东）有限公司	广发资管鑫享2号	SA0405	1.00	0.99	4,800.0 0.08	0.15
2536 广发证券资产管理（广东）有限公司	广发资管鑫享3号	SA0406	1.00	1.02	7,400.0 0.10	0.19
2537 广发证券资产管理（广东）有限公司	广发资管稳利1号	SA0407	1.00	1.06	19,800 0.15	0.30
2538 广发证券资产管理（广东）有限公司	广发资管稳利2号	SA0408	1.00	1.01	6,500.0 0.10	0.18
2539 广发证券资产管理（广东）有限公司	广发资管稳利3号	SA0409	1.00	1.00	4,200.0 0.08	0.14
2540 广发证券资产管理（广东）有限公司	广发资管安心1号	SA0410	1.00	1.04	15,600 0.13	0.26
2541 海通证券资产管理有限公司	海通海蓝宝1号集合资产管理计划	SB0501	1.00	1.02	9,300.0 0.11	0.21
2542 海通证券资产管理有限公司	海通海蓝宝2号集合资产管理计划	SB0502	1.00	1.01	6,000.0 0.10	0.17
2543 海通证券资产管理有限公司	海通海蓝宝3号集合资产管理计划	SB0503	1.00	1.03	11,100 0.12	0.23
2544 海通证券资产管理有限公司	海通海汇1号	SB0504	1.00	0.98	3,400.0 0.07	0.12
2545 海通证券资产管理有限公司	海通海汇2号	SB0505	1.00	1.00	5,000.0 0.09	0.15
2546 海通证券资产管理有限公司	海通海汇3号	SB0506	1.00	1.02	7,200.0 0.10	0.19
2547 海通证券资产管理有限公司	海通海富1号	SB0507	1.00	1.04	12,300 0.13	0.25
2548 海通证券资产管理有限公司	海通海富2号	SB0508	1.00	1.01	8,000.0 0.11	0.20
2549 海通证券资产管理有限公司	海通海富3号	SB0509	1.00	1.00	4,700.0 0.09	0.16
2550 海通证券资产管理有限公司	海通海盈1号	SB0510	1.00	1.03	9,700.0 0.12	0.23
2531 广发证券资产管理（广东）有限公司	广发资管多添利1号集合资产管理计划 SA0401	1.00	1.05	25,400 0.16	0.33
2532 广发证券资产管理（广东）有限公司	广发资管多添利2号集合资产管理计划 SA0402	1.00	1.02	13,700 0.13	0.24
2533 广发证券资产管理（广东）有限公司	广发资管多添利3号集合资产管理计划 SA0403	1.00	1.01	9,100.0 0.11	0.20
2534 广发证券资产管理（广东）有限公司	广发资管鑫享1号	SA0404	1.00	1.03	10,900 0.12	0.22
2535 广发证券资产管理（广东）有限公司	广发资管鑫享2号	SA0405	1.00	0.99	4,800.0 0.08	0.15
2536 广发证券资产管理（广东）有限公司	广发资管鑫享3号	SA0406	1.00	1.02	7,400.0 0.10	0.19
2537 广发证券资产管理（广东）有限公司	广发资管稳利1号	SA0407	1.00	1.06	19,800 0.15	0.30
2538 广发证券资产管理（广东）有限公司	广发资管稳利2号	SA0408	1.00	1.01	6,500.0 0.10	0.18
2539 广发证券资产管理（广东）有限公司	广发资管稳利3号	SA0409	1.00	1.00	4,200.0 0.08	0.14
2540 广发证券资产管理（广东）有限公司	广发资管安心1号	SA0410	1.00	1.04	15,600 0.13	0.26
2541 海通证券资产管理有限公司	海通海蓝宝1号集合资产管理计划	SB0501	1.00	1.02	9,300.0 0.11	0.21
2542 海通证券资产管理有限公司	海通海蓝宝2号集合资产管理计划	SB0502	1.00	1.01	6,000.0 0.10	0.17
2543 海通证券资产管理有限公司	海通海蓝宝3号集合资产管理计划	SB0503	1.00	1.03	11,100 0.12	0.23
2544 海通证券资产管理有限公司	海通海汇1号	SB0504	1.00	0.98	3,400.0 0.07	0.12
2545 海通证券资产管理有限公司	海通海汇2号	SB0505	1.00	1.00	5,000.0 0.09	0.15
2546 海通证券资产管理有限公司	海通海汇3号	SB0506	1.00	1.02	7,200.0 0.10	0.19
2547 海通证券资产管理有限公司	海通海富1号	SB0507	1.00	1.04	12,300 0.13	0.25
2548 海通证券资产管理有限公司	海通海富2号	SB0508	1.00	1.01	8,000.0 0.11	0.20
2549 海通证券资产管理有限公司	海通海富3号	SB0509	1.00	1.00	4,700.0 0.09	0.16
2550 海通证券资产管理有限公司	海通海盈1号	SB0510	1.00	1.03	9,700.0 0.12	0.23
2531 广发证券资产管理（广东）有限公司	广发资管多添利1号集合资产管理计划 SA0401	1.00	1.05	25,400 0.16	0.33
2532 广发证券资产管理（广东）有限公司	广发资管多添利2号集合资产管理计划 SA0402	1.00	1.02	13,700 0.13	0.24
2533 广发证券资产管理（广东）有限公司	广发资管多添利3号集合资产管理计划 SA0403	1.00	1.01	9,100.0 0.11	0.20
2534 广发证券资产管理（广东）有限公司	广发资管鑫享1号	SA0404	1.00	1.03	10,900 0.12	0.22
2535 广发证券资产管理（广东）有限公司	广发资管鑫享2号	SA0405	1.00	0.99	4,800.0 0.08	0.15
2536 广发证券资产管理（广东）有限公司	广发资管鑫享3号	SA0406	1.00	1.02	7,400.0 0.10	0.19
2537 广发证券资产管理（广东）有限公司	广发资管稳利1号	SA0407	1.00	1.06	19,800 0.15	0.30
2538 广发证券资产管理（广东）有限公司	广发资管稳利2号	SA0408	1.00	1.01	6,500.0 0.10	0.18
2539 广发证券资产管理（广东）有限公司	广发资管稳利3号	SA0409	1.00	1.00	4,200.0 0.08	0.14
2540 广发证券资产管理（广东）有限公司	广发资管安心1号	SA0410	1.00	1.04	15,600 0.13	0.26
2541 海通证券资产管理有限公司	海通海蓝宝1号集合资产管理计划	SB0501	1.00	1.02	9,300.0 0.11	0.21
2542 海通证券资产管理有限公司	海通海蓝宝2号集合资产管理计划	SB0502	1.00	1.01	6,000.0 0.10	0.17
2543 海通证券资产管理有限公司	海通海蓝宝3号集合资产管理计划	SB0503	1.00	1.03	11,100 0.12	0.23
2544 海通证券资产管理有限公司	海通海汇1号	SB0504	1.00	0.98	3,400.0 0.07	0.12
2545 海通证券资产管理有限公司	海通海汇2号	SB0505	1.00	1.00	5,000.0 0.09	0.15
2546 海通证券资产管理有限公司	海通海汇3号	SB0506	1.00	1.02	7,200.0 0.10	0.19
2547 海通证券资产管理有限公司	海通海富1号	SB0507	1.00	1.04	12,300 0.13	0.25
2548 海通证券资产管理有限公司	海通海富2号	SB0508	1.00	1.01	8,000.0 0.11	0.20
2549 海通证券资产管理有限公司	海通海富3号	SB0509	1.00	1.00	4,700.0 0.09	0.16
2550 海通证券资产管理有限公司	海通海盈1号	SB0510	1.00	1.03	9,700.0 0.12	0.23
2531 广发证券资产管理（广东）有限公司	广发资管多添利1号集合资产管理计划 SA0401	1.00	1.05	25,400 0.16	0.33
2532 广发证券资产管理（广东）有限公司	广发资管多添利2号集合资产管理计划 SA0402	1.00	1.02	13,700 0.13	0.24
2533 广发证券资产管理（广东）有限公司	广发资管多添利3号集合资产管理计划 SA0403	1.00	1.01	9,100.0 0.11	0.20
2534 广发证券资产管理（广东）有限公司	广发资管鑫享1号	SA0404	1.00	1.03	10,900 0.12	0.22
2535 广发证券资产管理（广东）有限公司	广发资管鑫享2号	SA0405	1.00	0.99	4,800.0 0.08	0.15
2536 广发证券资产管理（广东）有限公司	广发资管鑫享3号	SA0406	1.00	1.02	7,400.0 0.10	0.19
2537 广发证券资产管理（广东）有限公司	广发资管稳利1号	SA0407	1.00	1.06	19,800 0.15	0.30
2538 广发证券资产管理（广东）有限公司	广发资管稳利2号	SA0408	1.00	1.01	6,500.0 0.10	0.18
2539 广发证券资产管理（广东）有限公司	广发资管稳利3号	SA0409	1.00	1.00	4,200.0 0.08	0.14
2540 广发证券资产管理（广东）有限公司	广发资管安心1号	SA0410	1.00	1.04	15,600 0.13	0.26
2541 海通证券资产管理有限公司	海通海蓝宝1号集合资产管理计划	SB0501	1.00	1.02	9,300.0 0.11	0.21
2542 海通证券资产管理有限公司	海通海蓝宝2号集合资产管理计划	SB0502	1.00	1.01	6,000.0 0.10	0.17
2543 海通证券资产管理有限公司	海通海蓝宝3号集合资产管理计划	SB0503	1.00	1.03	11,100 0.12	0.23
2544 海通证券资产管理有限公司	海通海汇1号	SB0504	1.00	0.98	3,400.0 0.07	0.12
2545 海通证券资产管理有限公司	海通海汇2号	SB0505	1.00	1.00	5,000.0 0.09	0.15
2546 海通证券资产管理有限公司	海通海汇3号	SB0506	1.00	1.02	7,200.0 0.10	0.19
2547 海通证券资产管理有限公司	海通海富1号	SB0507	1.00	1.04	12,300 0.13	0.25
2548 海通证券资产管理有限公司	海通海富2号	SB0508	1.00	1.01	8,000.0 0.11	0.20
2549 海通证券资产管理有限公司	海通海富3号	SB0509	1.00	1.00	4,700.0 0.09	0.16
2550 海通证券资产管理有限公司	海通海盈1号	SB0510	1.00	1.03	9,700.0 0.12	0.23
2531 广发证券资产管理（广东）有限公司	广发资管多添利1号集合资产管理计划 SA0401	1.00	1.05	25,400 0.16	0.33
2532 广发证券资产管理（广东）有限公司	广发资管多添利2号集合资产管理计划 SA0402	1.00	1.02	13,700 0.13	0.24
2533 广发证券资产管理（广东）有限公司	广发资管多添利3号集合资产管理计划 SA0403	1.00	1.01	9,100.0 0.11	0.20
2534 广发证券资产管理（广东）有限公司	广发资管鑫享1号	SA0404	1.00	1.03	10,900 0.12	0.22
2535 广发证券资产管理（广东）有限公司	广发资管鑫享2号	SA0405	1.00	0.99	4,800.0 0.08	0.15
2536 广发证券资产管理（广东）有限公司	广发资管鑫享3号	SA0406	1.00	1.02	7,400.0 0.10	0.19
2537 广发证券资产管理（广东）有限公司	广发资管稳利1号	SA0407	1.00	1.06	19,800 0.15	0.30
2538 广发证券资产管理（广东）有限公司	广发资管稳利2号	SA0408	1.00	1.01	6,500.0 0.10	0.18
2539 广发证券资产管理（广东）有限公司	广发资管稳利3号	SA0409	1.00	1.00	4,200.0 0.08	0.14
2540 广发证券资产管理（广东）有限公司	广发资管安心1号	SA0410	1.00	1.04	15,600 0.13	0.26
2541 海通证券资产管理有限公司	海通海蓝宝1号集合资产管理计划	SB0501	1.00	1.02	9,300.0 0.11	0.21
2542 海通证券资产管理有限公司	海通海蓝宝2号集合资产管理计划	SB0502	1.00	1.01	6,000.0 0.10	0.17
2543 海通证券资产管理有限公司	海通海蓝宝3号集合资产管理计划	SB0503	1.00	1.03	11,100 0.12	0.23
2544 海通证券资产管理有限公司	海通海汇1号	SB0504	1.00	0.98	3,400.0 0.07	0.12
2545 海通证券资产管理有限公司	海通海汇2号	SB0505	1.00	1.00	5,000.0 0.09	0.15
2546 海通证券资产管理有限公司	海通海汇3号	SB0506	1.00	1.02	7,200.0 0.10	0.19
2547 海通证券资产管理有限公司	海通海富1号	SB0507	1.00	1.04	12,300 0.13	0.25
2548 海通证券资产管理有限公司	海通海富2号	SB0508	1.00	1.01	8,000.0 0.11	0.20
2549 海通证券资产管理有限公司	海通海富3号	SB0509	1.00	1.00	4,700.0 0.09	0.16
2550 海通证券资产管理有限公司	海通海盈1号	SB0510	1.00	1.03	9,700.0 0.12	0.23
2531 广发证券资产管理（广东）有限公司	广发资管多添利1号集合资产管理计划 SA0401	1.00	1.05	25,400 0.16	0.33
2532 广发证券资产管理（广东）有限公司	广发资管多添利2号集合资产管理计划 SA0402	1.00	1.02	13,700 0.13	0.24
2533 广发证券资产管理（广东）有限公司	广发资管多添利3号集合资产管理计划 SA0403	1.00	1.01	9,100.0 0.11	0.20
2534 广发证券资产管理（广东）有限公司	广发资管鑫享1号	SA0404	1.00	1.03	10,900 0.12	0.22
2535 广发证券资产管理（广东）有限公司	广发资管鑫享2号	SA0405	1.00	0.99	4,800.0 0.08	0.15
2536 广发证券资产管理（广东）有限公司	广发资管鑫享3号	SA0406	1.00	1.02	7,400.0 0.10	0.19
2537 广发证券资产管理（广东）有限公司	广发资管稳利1号	SA0407	1.00	1.06	19,800 0.15	0.30
2538 广发证券资产管理（广东）有限公司	广发资管稳利2号	SA0408	1.00	1.01	6,500.0 0.10	0.18
2539 广发证券资产管理（广东）有限公司	广发资管稳利3号	SA0409	1.00	1.00	4,200.0 0.08	0.14
2540 广发证券资产管理（广东）有限公司	广发资管安心1号	SA0410	1.00	1.04	15,600 0.13	0.26
（下转A71版）
